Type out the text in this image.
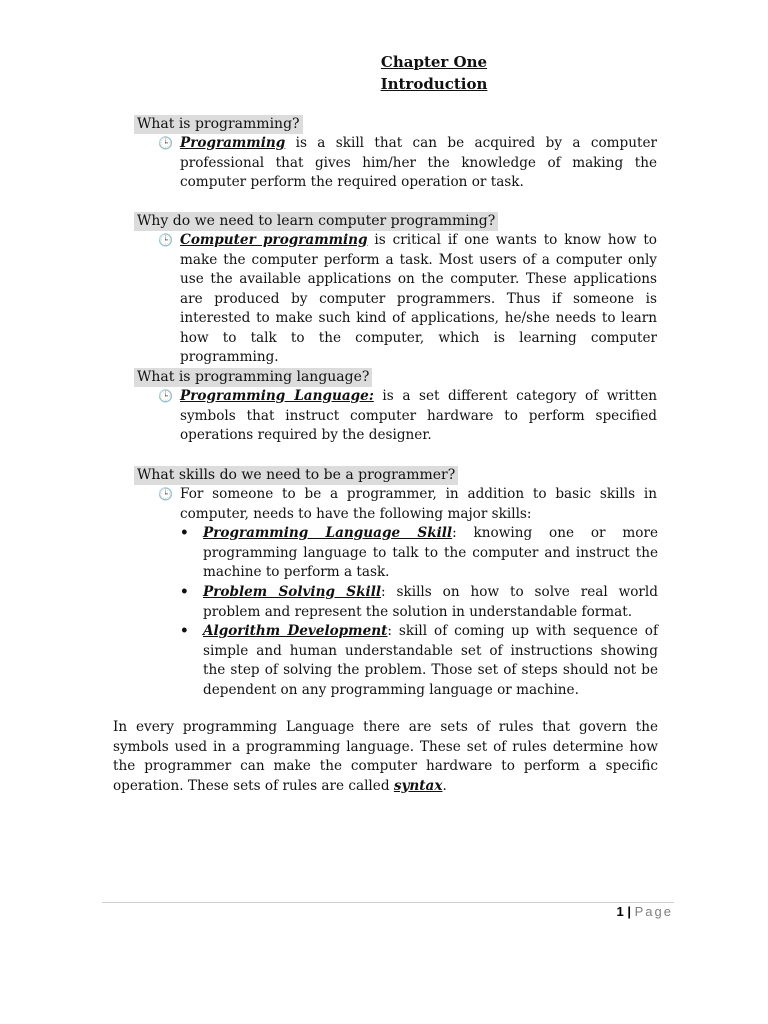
Chapter One
Introduction
What is programming?
🕒 Programming is a skill that can be acquired by a computer professional that gives him/her the knowledge of making the computer perform the required operation or task.
Why do we need to learn computer programming?
🕒 Computer programming is critical if one wants to know how to make the computer perform a task. Most users of a computer only use the available applications on the computer. These applications are produced by computer programmers. Thus if someone is interested to make such kind of applications, he/she needs to learn how to talk to the computer, which is learning computer programming.
What is programming language?
🕒 Programming Language: is a set different category of written symbols that instruct computer hardware to perform specified operations required by the designer.
What skills do we need to be a programmer?
🕒 For someone to be a programmer, in addition to basic skills in computer, needs to have the following major skills:
• Programming Language Skill: knowing one or more programming language to talk to the computer and instruct the machine to perform a task.
• Problem Solving Skill: skills on how to solve real world problem and represent the solution in understandable format.
• Algorithm Development: skill of coming up with sequence of simple and human understandable set of instructions showing the step of solving the problem. Those set of steps should not be dependent on any programming language or machine.
In every programming Language there are sets of rules that govern the symbols used in a programming language. These set of rules determine how the programmer can make the computer hardware to perform a specific operation. These sets of rules are called syntax.
1 | Page
